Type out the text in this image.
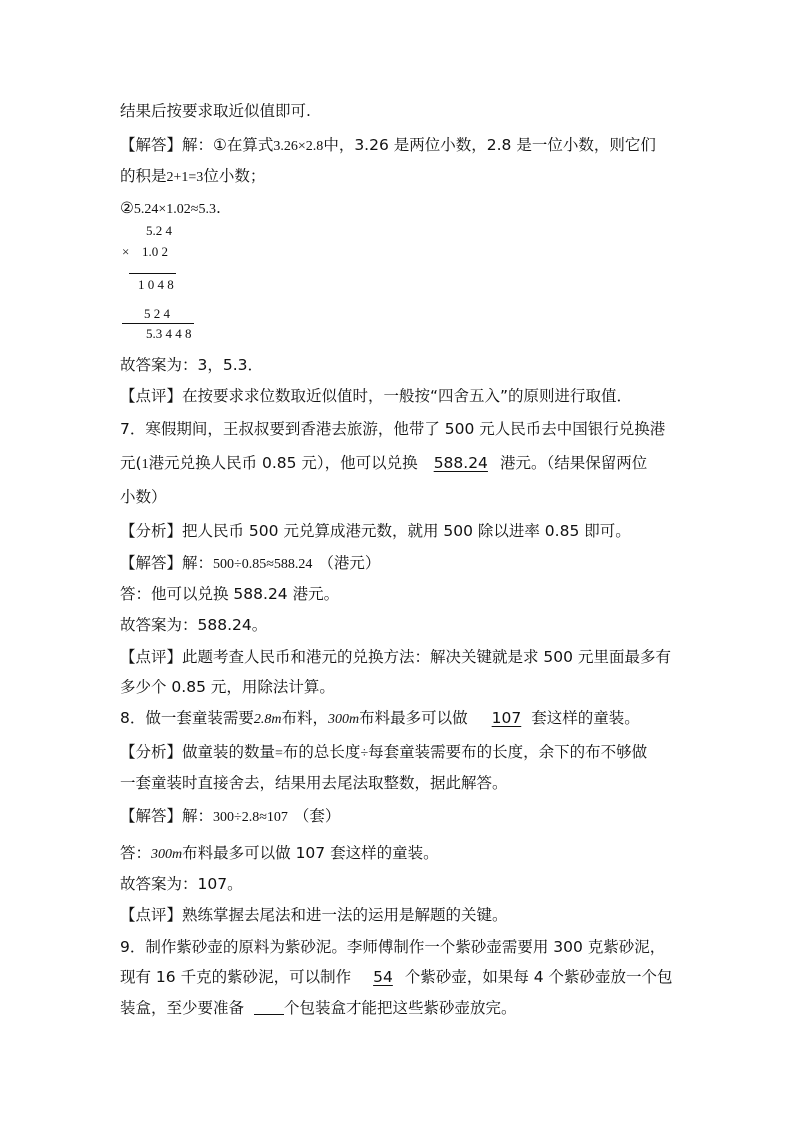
结果后按要求取近似值即可.
【解答】解：①在算式3.26×2.8中，3.26 是两位小数，2.8 是一位小数，则它们
的积是2+1=3位小数；
②5.24×1.02≈5.3.
5.2 4
× 1.0 2
1 0 4 8
5 2 4
5.3 4 4 8
故答案为：3，5.3．
【点评】在按要求求位数取近似值时，一般按“四舍五入”的原则进行取值．
7．寒假期间，王叔叔要到香港去旅游，他带了 500 元人民币去中国银行兑换港
元(1港元兑换人民币 0.85 元），他可以兑换 588.24 港元。（结果保留两位
小数）
【分析】把人民币 500 元兑算成港元数，就用 500 除以进率 0.85 即可。
【解答】解：500÷0.85≈588.24 （港元）
答：他可以兑换 588.24 港元。
故答案为：588.24。
【点评】此题考查人民币和港元的兑换方法：解决关键就是求 500 元里面最多有
多少个 0.85 元，用除法计算。
8．做一套童装需要2.8m布料，300m布料最多可以做 107 套这样的童装。
【分析】做童装的数量=布的总长度÷每套童装需要布的长度，余下的布不够做
一套童装时直接舍去，结果用去尾法取整数，据此解答。
【解答】解：300÷2.8≈107 （套）
答：300m布料最多可以做 107 套这样的童装。
故答案为：107。
【点评】熟练掌握去尾法和进一法的运用是解题的关键。
9．制作紫砂壶的原料为紫砂泥。李师傅制作一个紫砂壶需要用 300 克紫砂泥，
现有 16 千克的紫砂泥，可以制作 54 个紫砂壶，如果每 4 个紫砂壶放一个包
装盒，至少要准备	个包装盒才能把这些紫砂壶放完。
